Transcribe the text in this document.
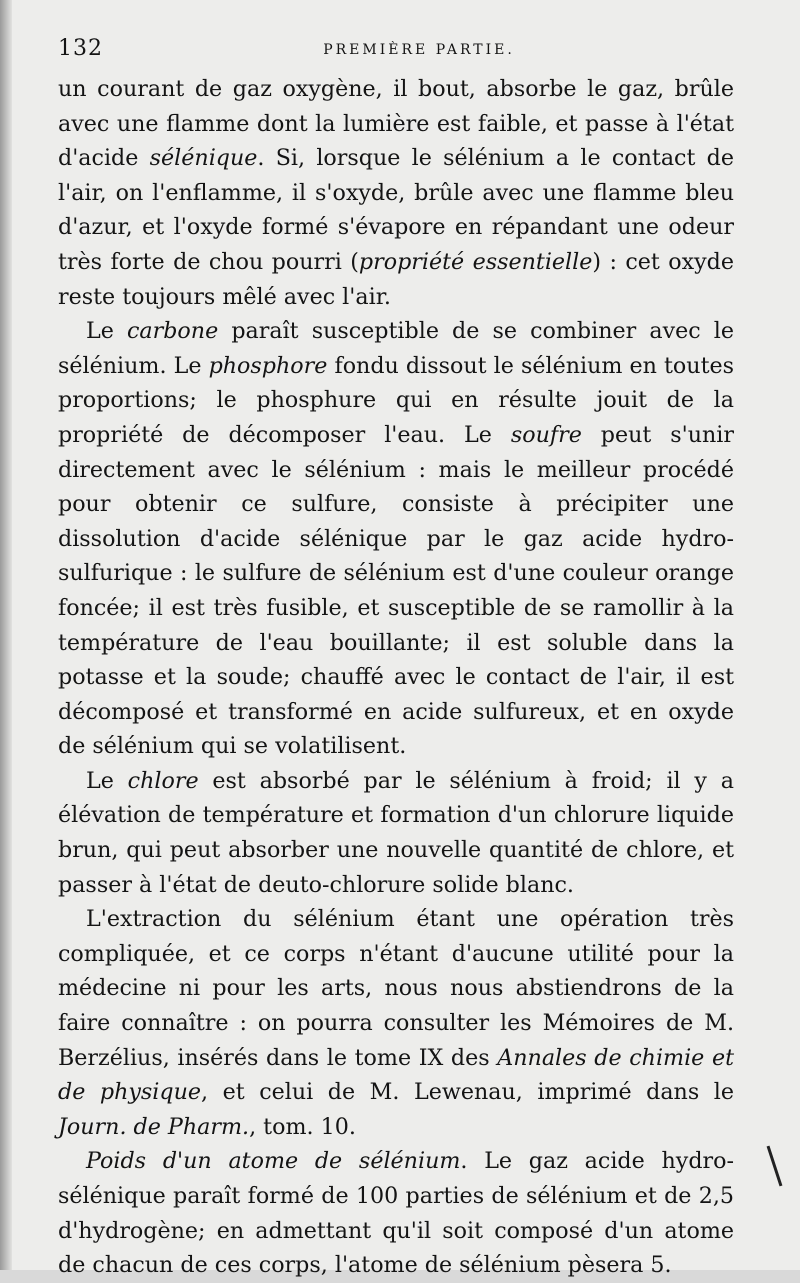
132	PREMIÈRE PARTIE.

un courant de gaz oxygène, il bout, absorbe le gaz, brûle avec une flamme dont la lumière est faible, et passe à l'état d'acide sélénique. Si, lorsque le sélénium a le contact de l'air, on l'enflamme, il s'oxyde, brûle avec une flamme bleu d'azur, et l'oxyde formé s'évapore en répandant une odeur très forte de chou pourri (propriété essentielle) : cet oxyde reste toujours mêlé avec l'air.

Le carbone paraît susceptible de se combiner avec le sélénium. Le phosphore fondu dissout le sélénium en toutes proportions; le phosphure qui en résulte jouit de la propriété de décomposer l'eau. Le soufre peut s'unir directement avec le sélénium : mais le meilleur procédé pour obtenir ce sulfure, consiste à précipiter une dissolution d'acide sélénique par le gaz acide hydro-sulfurique : le sulfure de sélénium est d'une couleur orange foncée; il est très fusible, et susceptible de se ramollir à la température de l'eau bouillante; il est soluble dans la potasse et la soude; chauffé avec le contact de l'air, il est décomposé et transformé en acide sulfureux, et en oxyde de sélénium qui se volatilisent.

Le chlore est absorbé par le sélénium à froid; il y a élévation de température et formation d'un chlorure liquide brun, qui peut absorber une nouvelle quantité de chlore, et passer à l'état de deuto-chlorure solide blanc.

L'extraction du sélénium étant une opération très compliquée, et ce corps n'étant d'aucune utilité pour la médecine ni pour les arts, nous nous abstiendrons de la faire connaître : on pourra consulter les Mémoires de M. Berzélius, insérés dans le tome IX des Annales de chimie et de physique, et celui de M. Lewenau, imprimé dans le Journ. de Pharm., tom. 10.

Poids d'un atome de sélénium. Le gaz acide hydro-sélénique paraît formé de 100 parties de sélénium et de 2,5 d'hydrogène; en admettant qu'il soit composé d'un atome de chacun de ces corps, l'atome de sélénium pèsera 5.
